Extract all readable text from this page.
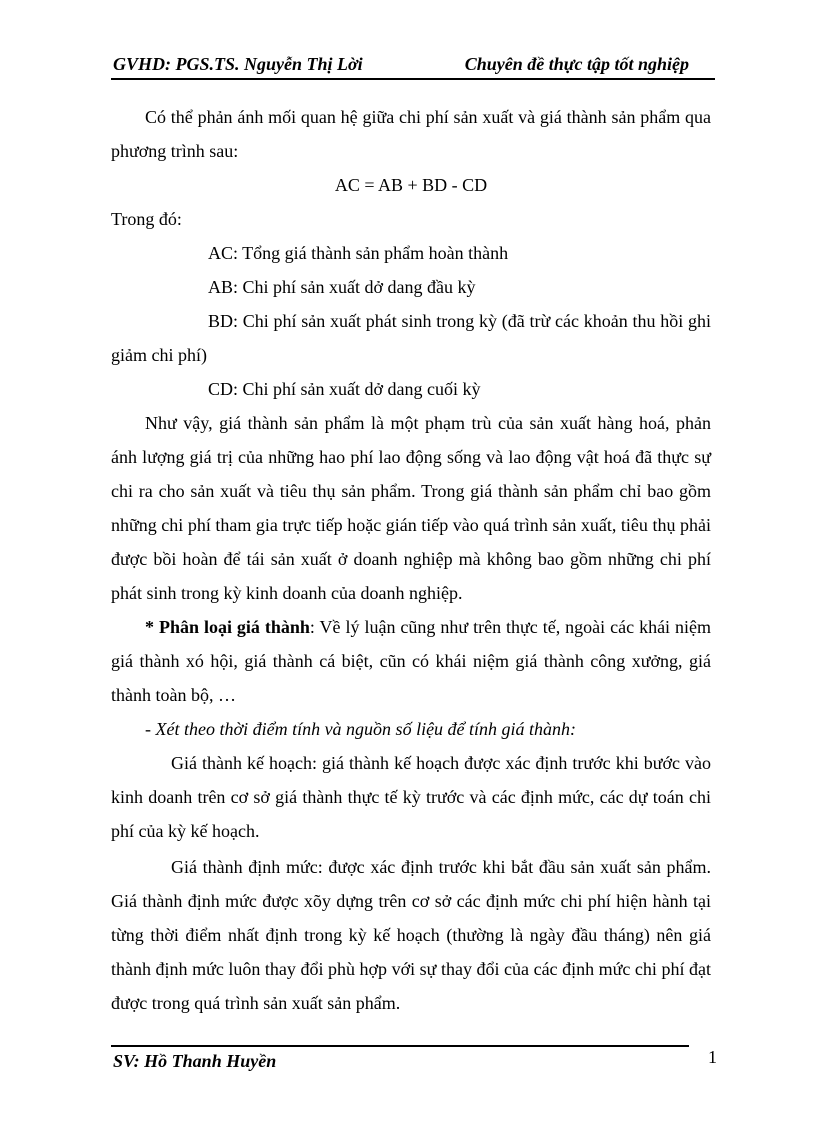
GVHD: PGS.TS. Nguyễn Thị Lời	Chuyên đề thực tập tốt nghiệp

Có thể phản ánh mối quan hệ giữa chi phí sản xuất và giá thành sản phẩm qua phương trình sau:

AC = AB + BD - CD

Trong đó:

AC: Tổng giá thành sản phẩm hoàn thành

AB: Chi phí sản xuất dở dang đầu kỳ

BD: Chi phí sản xuất phát sinh trong kỳ (đã trừ các khoản thu hồi ghi giảm chi phí)

CD: Chi phí sản xuất dở dang cuối kỳ

Như vậy, giá thành sản phẩm là một phạm trù của sản xuất hàng hoá, phản ánh lượng giá trị của những hao phí lao động sống và lao động vật hoá đã thực sự chi ra cho sản xuất và tiêu thụ sản phẩm. Trong giá thành sản phẩm chỉ bao gồm những chi phí tham gia trực tiếp hoặc gián tiếp vào quá trình sản xuất, tiêu thụ phải được bồi hoàn để tái sản xuất ở doanh nghiệp mà không bao gồm những chi phí phát sinh trong kỳ kinh doanh của doanh nghiệp.

* Phân loại giá thành: Về lý luận cũng như trên thực tế, ngoài các khái niệm giá thành xó hội, giá thành cá biệt, cũn có khái niệm giá thành công xưởng, giá thành toàn bộ, …

- Xét theo thời điểm tính và nguồn số liệu để tính giá thành:

Giá thành kế hoạch: giá thành kế hoạch được xác định trước khi bước vào kinh doanh trên cơ sở giá thành thực tế kỳ trước và các định mức, các dự toán chi phí của kỳ kế hoạch.

Giá thành định mức: được xác định trước khi bắt đầu sản xuất sản phẩm. Giá thành định mức được xõy dựng trên cơ sở các định mức chi phí hiện hành tại từng thời điểm nhất định trong kỳ kế hoạch (thường là ngày đầu tháng) nên giá thành định mức luôn thay đổi phù hợp với sự thay đổi của các định mức chi phí đạt được trong quá trình sản xuất sản phẩm.

SV: Hồ Thanh Huyền	1
